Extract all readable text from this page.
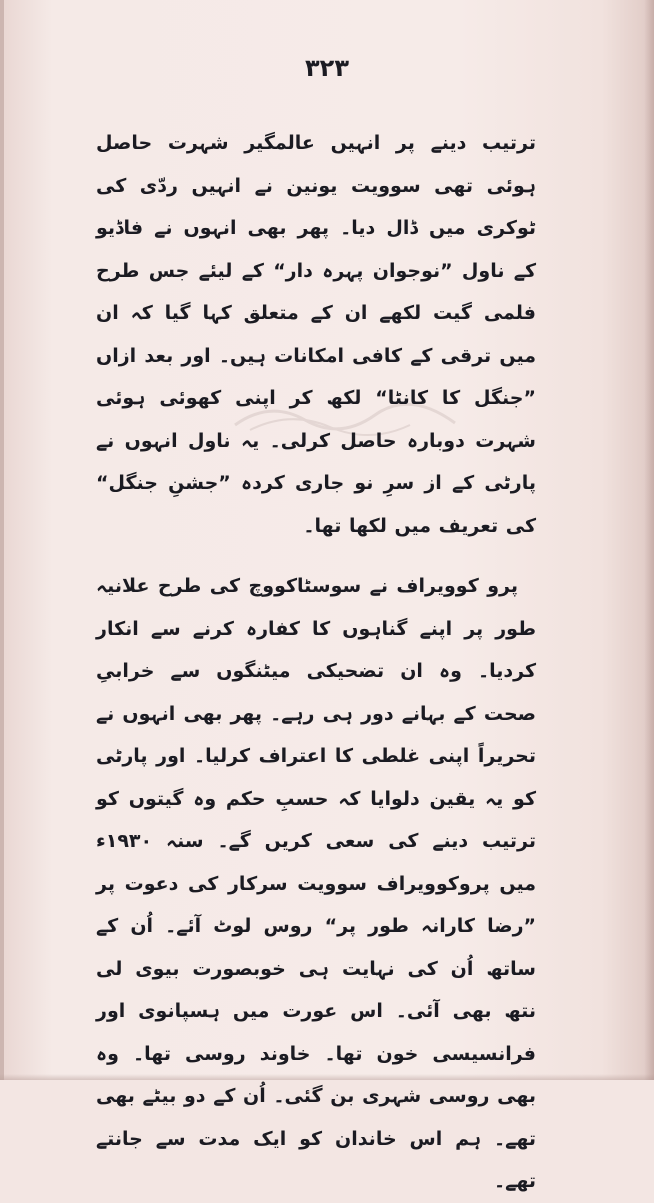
۳۲۳

ترتیب دینے پر انہیں عالمگیر شہرت حاصل ہوئی تھی سوویت یونین نے انہیں ردّی کی ٹوکری میں ڈال دیا۔ پھر بھی انہوں نے فاڈیو کے ناول ”نوجوان پہرہ دار“ کے لیئے جس طرح فلمی گیت لکھے ان کے متعلق کہا گیا کہ ان میں ترقی کے کافی امکانات ہیں۔ اور بعد ازاں ”جنگل کا کانٹا“ لکھ کر اپنی کھوئی ہوئی شہرت دوبارہ حاصل کرلی۔ یہ ناول انہوں نے پارٹی کے از سرِ نو جاری کردہ ”جشنِ جنگل“ کی تعریف میں لکھا تھا۔

پرو کوویراف نے سوسٹاکووچ کی طرح علانیہ طور پر اپنے گناہوں کا کفارہ کرنے سے انکار کردیا۔ وہ ان تضحیکی میٹنگوں سے خرابیِ صحت کے بہانے دور ہی رہے۔ پھر بھی انہوں نے تحریراً اپنی غلطی کا اعتراف کرلیا۔ اور پارٹی کو یہ یقین دلوایا کہ حسبِ حکم وہ گیتوں کو ترتیب دینے کی سعی کریں گے۔ سنہ ۱۹۳۰ء میں پروکوویراف سوویت سرکار کی دعوت پر ”رضا کارانہ طور پر“ روس لوٹ آئے۔ اُن کے ساتھ اُن کی نہایت ہی خوبصورت بیوی لی نتھ بھی آئی۔ اس عورت میں ہسپانوی اور فرانسیسی خون تھا۔ خاوند روسی تھا۔ وہ بھی روسی شہری بن گئی۔ اُن کے دو بیٹے بھی تھے۔ ہم اس خاندان کو ایک مدت سے جانتے تھے۔
